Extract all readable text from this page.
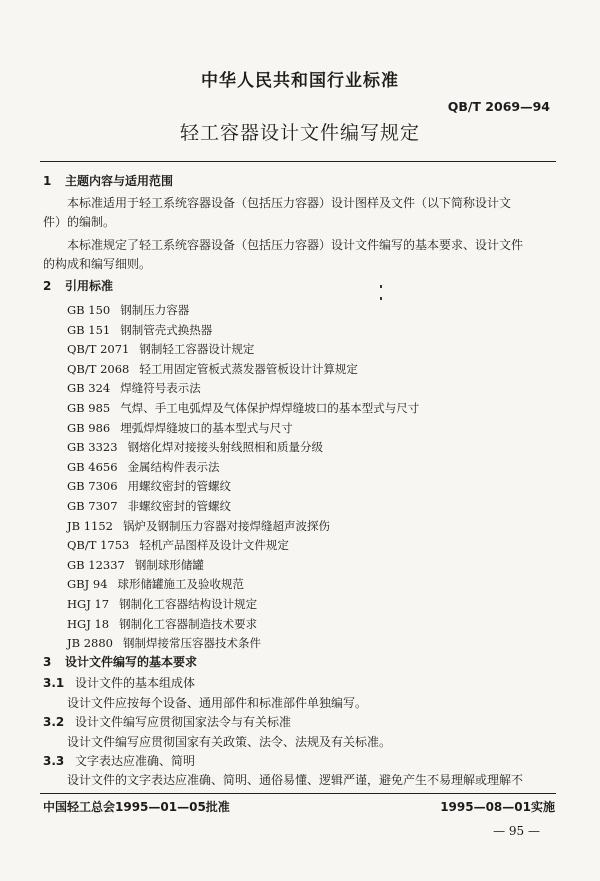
中华人民共和国行业标准
QB/T 2069—94
轻工容器设计文件编写规定
1 主题内容与适用范围
本标准适用于轻工系统容器设备（包括压力容器）设计图样及文件（以下简称设计文
件）的编制。
本标准规定了轻工系统容器设备（包括压力容器）设计文件编写的基本要求、设计文件
的构成和编写细则。
2 引用标准
GB 150 钢制压力容器
GB 151 钢制管壳式换热器
QB/T 2071 钢制轻工容器设计规定
QB/T 2068 轻工用固定管板式蒸发器管板设计计算规定
GB 324 焊缝符号表示法
GB 985 气焊、手工电弧焊及气体保护焊焊缝坡口的基本型式与尺寸
GB 986 埋弧焊焊缝坡口的基本型式与尺寸
GB 3323 钢熔化焊对接接头射线照相和质量分级
GB 4656 金属结构件表示法
GB 7306 用螺纹密封的管螺纹
GB 7307 非螺纹密封的管螺纹
JB 1152 锅炉及钢制压力容器对接焊缝超声波探伤
QB/T 1753 轻机产品图样及设计文件规定
GB 12337 钢制球形储罐
GBJ 94 球形储罐施工及验收规范
HGJ 17 钢制化工容器结构设计规定
HGJ 18 钢制化工容器制造技术要求
JB 2880 钢制焊接常压容器技术条件
3 设计文件编写的基本要求
3.1 设计文件的基本组成体
设计文件应按每个设备、通用部件和标准部件单独编写。
3.2 设计文件编写应贯彻国家法令与有关标准
设计文件编写应贯彻国家有关政策、法令、法规及有关标准。
3.3 文字表达应准确、简明
设计文件的文字表达应准确、简明、通俗易懂、逻辑严谨，避免产生不易理解或理解不
中国轻工总会1995—01—05批准	1995—08—01实施
— 95 —
